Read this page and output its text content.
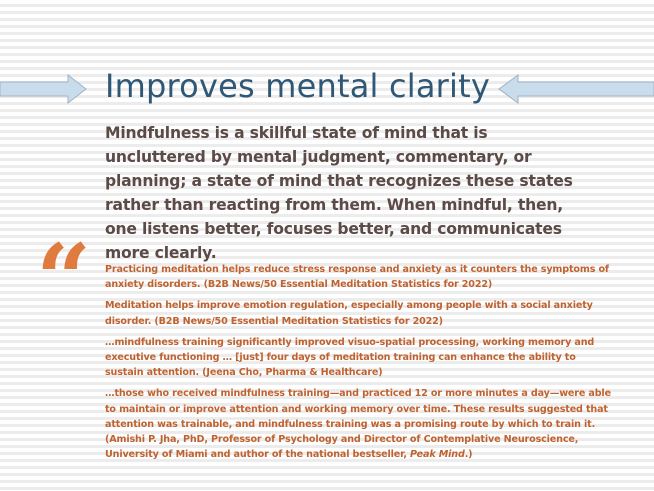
Improves mental clarity
Mindfulness is a skillful state of mind that is uncluttered by mental judgment, commentary, or planning; a state of mind that recognizes these states rather than reacting from them. When mindful, then, one listens better, focuses better, and communicates more clearly.
“ Practicing meditation helps reduce stress response and anxiety as it counters the symptoms of anxiety disorders. (B2B News/50 Essential Meditation Statistics for 2022)

Meditation helps improve emotion regulation, especially among people with a social anxiety disorder. (B2B News/50 Essential Meditation Statistics for 2022)

…mindfulness training significantly improved visuo-spatial processing, working memory and executive functioning … [just] four days of meditation training can enhance the ability to sustain attention. (Jeena Cho, Pharma & Healthcare)

…those who received mindfulness training—and practiced 12 or more minutes a day—were able to maintain or improve attention and working memory over time. These results suggested that attention was trainable, and mindfulness training was a promising route by which to train it. (Amishi P. Jha, PhD, Professor of Psychology and Director of Contemplative Neuroscience, University of Miami and author of the national bestseller, Peak Mind.)
